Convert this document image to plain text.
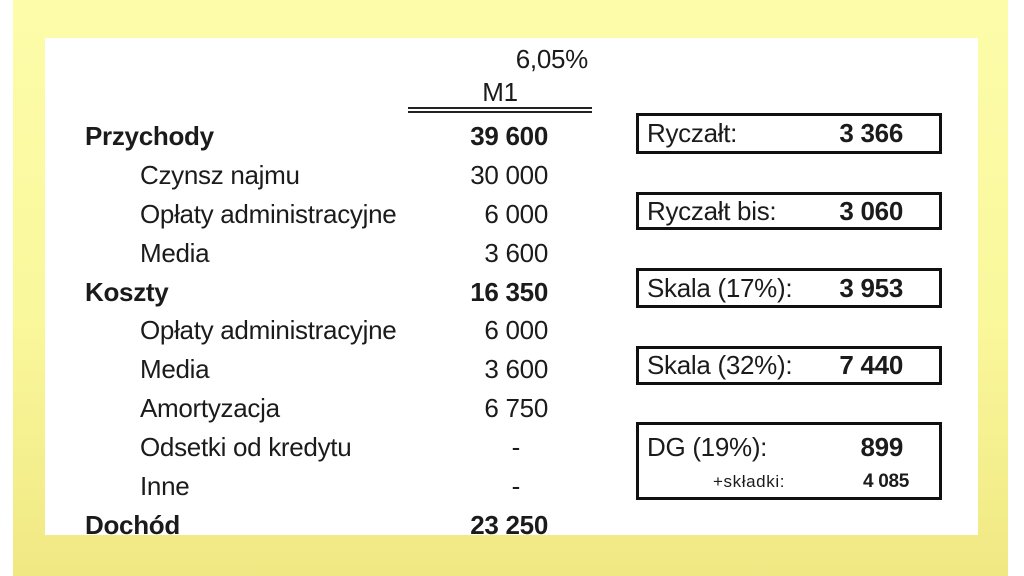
6,05%
M1
Przychody	39 600
Czynsz najmu	30 000
Opłaty administracyjne	6 000
Media	3 600
Koszty	16 350
Opłaty administracyjne	6 000
Media	3 600
Amortyzacja	6 750
Odsetki od kredytu	-
Inne	-
Dochód	23 250
Ryczałt:	3 366
Ryczałt bis: 3 060
Skala (17%): 3 953
Skala (32%): 7 440
DG (19%):	899
+składki:	4 085
